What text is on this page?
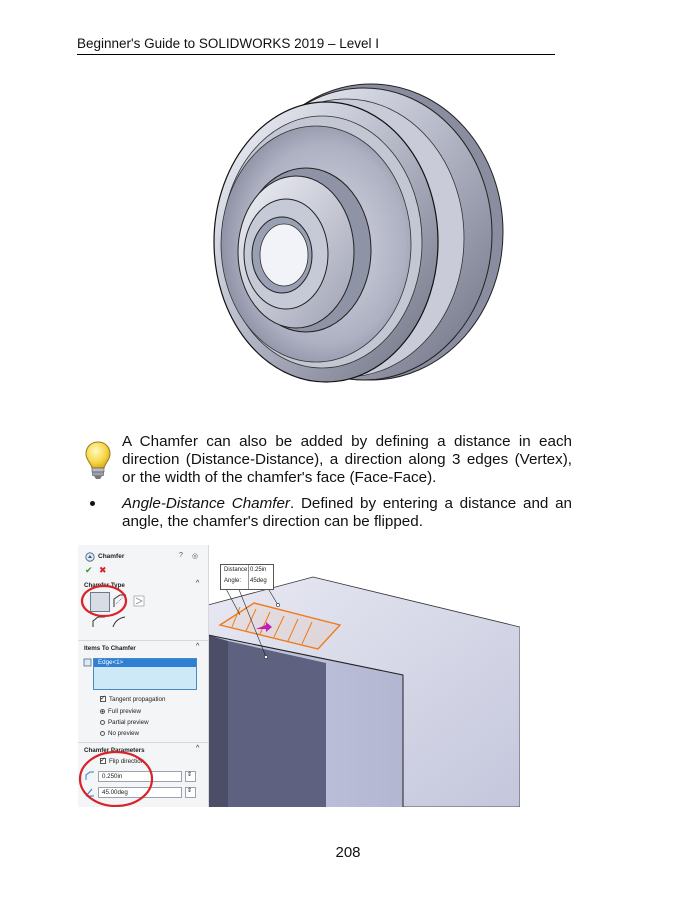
Beginner's Guide to SOLIDWORKS 2019 – Level I
A Chamfer can also be added by defining a distance in each direction (Distance-Distance), a direction along 3 edges (Vertex), or the width of the chamfer's face (Face-Face).
Angle-Distance Chamfer. Defined by entering a distance and an angle, the chamfer's direction can be flipped.
Distance: 0.25in
Angle: 45deg
Chamfer	? ◎
✔ ✖
Chamfer Type	^
Items To Chamfer	^
Edge<1>
✓Tangent propagation
Full preview
Partial preview
No preview
Chamfer Parameters	^
✓Flip direction
0.250in	⇕
45.00deg	⇕
208
